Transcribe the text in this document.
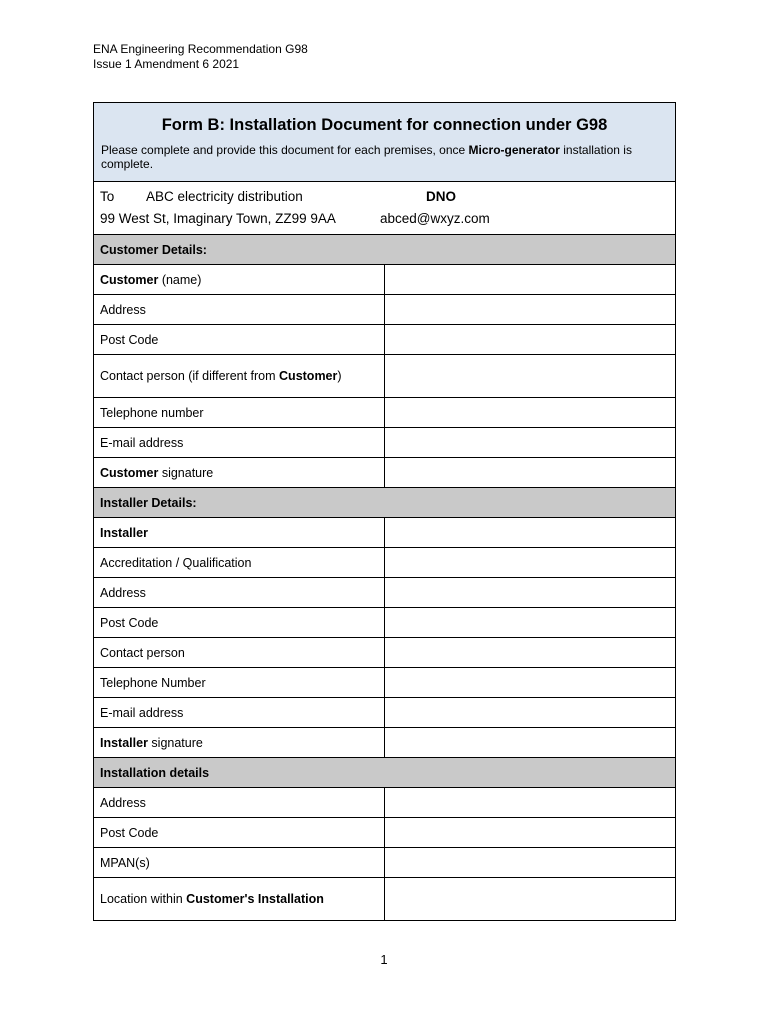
ENA Engineering Recommendation G98
Issue 1 Amendment 6 2021
Form B: Installation Document for connection under G98
Please complete and provide this document for each premises, once Micro-generator installation is complete.	

To ABC electricity distribution DNO
99 West St, Imaginary Town, ZZ99 9AA abced@wxyz.com	

Customer Details:	
Customer (name)	
Address	
Post Code	
Contact person (if different from Customer)	
Telephone number	
E-mail address	
Customer signature	
Installer Details:	
Installer	
Accreditation / Qualification	
Address	
Post Code	
Contact person	
Telephone Number	
E-mail address	
Installer signature	
Installation details	
Address	
Post Code	
MPAN(s)	
Location within Customer's Installation	
1
